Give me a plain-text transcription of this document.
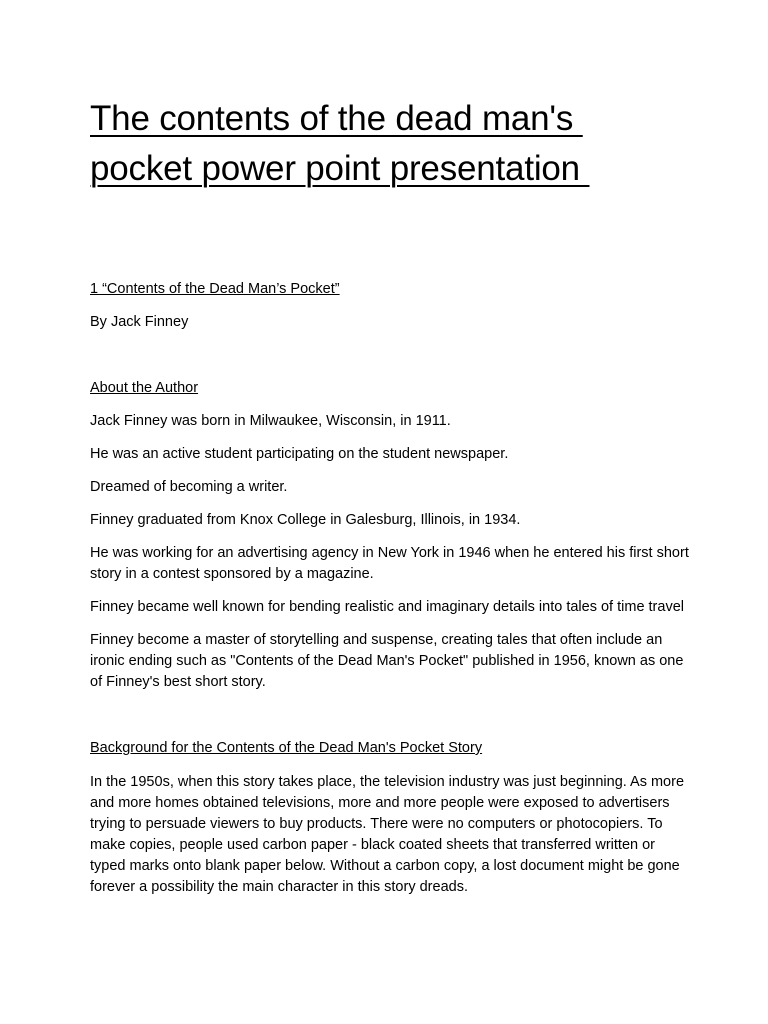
The contents of the dead man's
pocket power point presentation

1 “Contents of the Dead Man’s Pocket”

By Jack Finney

About the Author

Jack Finney was born in Milwaukee, Wisconsin, in 1911.

He was an active student participating on the student newspaper.

Dreamed of becoming a writer.

Finney graduated from Knox College in Galesburg, Illinois, in 1934.

He was working for an advertising agency in New York in 1946 when he entered his first short story in a contest sponsored by a magazine.

Finney became well known for bending realistic and imaginary details into tales of time travel

Finney become a master of storytelling and suspense, creating tales that often include an ironic ending such as "Contents of the Dead Man's Pocket" published in 1956, known as one of Finney's best short story.

Background for the Contents of the Dead Man's Pocket Story

In the 1950s, when this story takes place, the television industry was just beginning. As more and more homes obtained televisions, more and more people were exposed to advertisers trying to persuade viewers to buy products. There were no computers or photocopiers. To make copies, people used carbon paper - black coated sheets that transferred written or typed marks onto blank paper below. Without a carbon copy, a lost document might be gone forever a possibility the main character in this story dreads.
